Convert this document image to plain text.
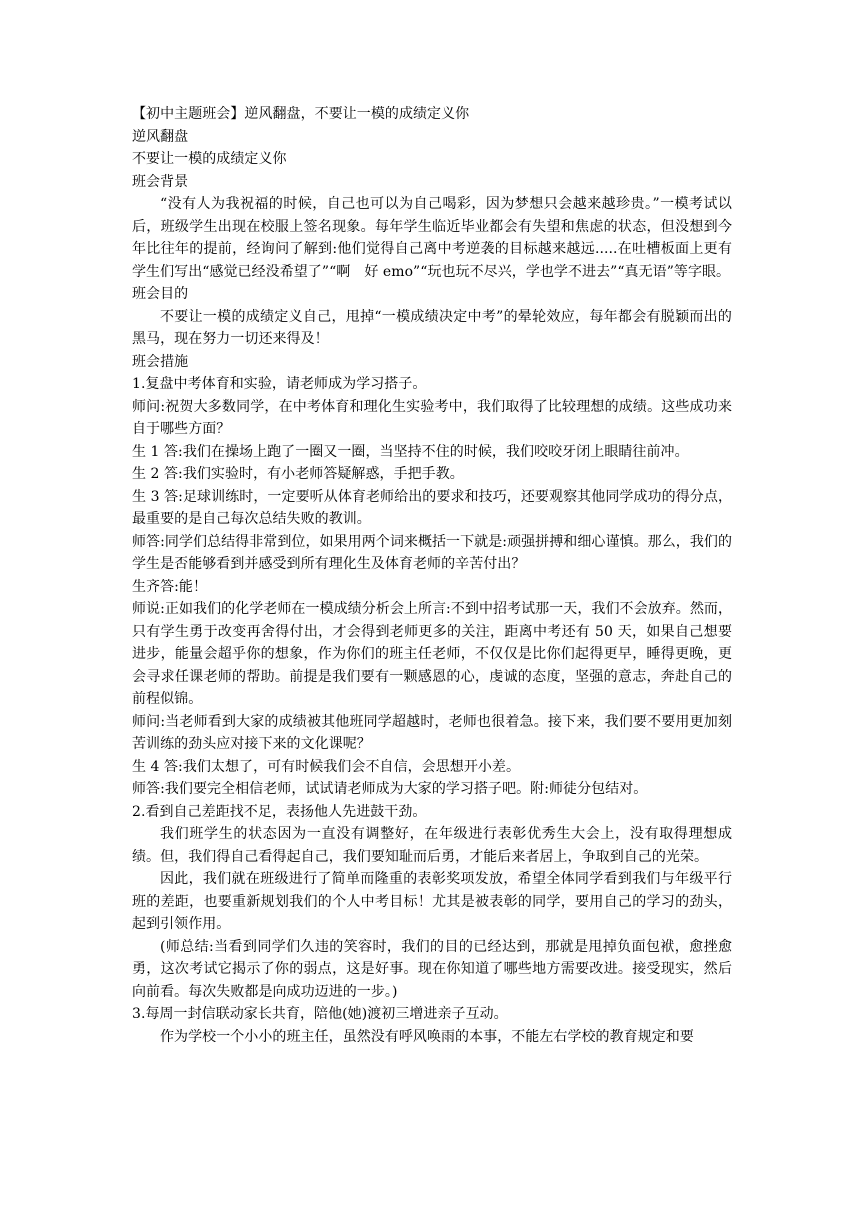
【初中主题班会】逆风翻盘，不要让一模的成绩定义你

逆风翻盘

不要让一模的成绩定义你

班会背景

“没有人为我祝福的时候，自己也可以为自己喝彩，因为梦想只会越来越珍贵。”一模考试以后，班级学生出现在校服上签名现象。每年学生临近毕业都会有失望和焦虑的状态，但没想到今年比往年的提前，经询问了解到:他们觉得自己离中考逆袭的目标越来越远.....在吐槽板面上更有学生们写出“感觉已经没希望了”“啊　好 emo”“玩也玩不尽兴，学也学不进去”“真无语”等字眼。

班会目的

不要让一模的成绩定义自己，甩掉“一模成绩决定中考”的晕轮效应，每年都会有脱颖而出的黑马，现在努力一切还来得及！

班会措施

1.复盘中考体育和实验，请老师成为学习搭子。

师问:祝贺大多数同学，在中考体育和理化生实验考中，我们取得了比较理想的成绩。这些成功来自于哪些方面？

生 1 答:我们在操场上跑了一圈又一圈，当坚持不住的时候，我们咬咬牙闭上眼睛往前冲。

生 2 答:我们实验时，有小老师答疑解惑，手把手教。

生 3 答:足球训练时，一定要听从体育老师给出的要求和技巧，还要观察其他同学成功的得分点，最重要的是自己每次总结失败的教训。

师答:同学们总结得非常到位，如果用两个词来概括一下就是:顽强拼搏和细心谨慎。那么，我们的学生是否能够看到并感受到所有理化生及体育老师的辛苦付出？

生齐答:能！

师说:正如我们的化学老师在一模成绩分析会上所言:不到中招考试那一天，我们不会放弃。然而，只有学生勇于改变再舍得付出，才会得到老师更多的关注，距离中考还有 50 天，如果自己想要进步，能量会超乎你的想象，作为你们的班主任老师，不仅仅是比你们起得更早，睡得更晚，更会寻求任课老师的帮助。前提是我们要有一颗感恩的心，虔诚的态度，坚强的意志，奔赴自己的前程似锦。

师问:当老师看到大家的成绩被其他班同学超越时，老师也很着急。接下来，我们要不要用更加刻苦训练的劲头应对接下来的文化课呢？

生 4 答:我们太想了，可有时候我们会不自信，会思想开小差。

师答:我们要完全相信老师，试试请老师成为大家的学习搭子吧。附:师徒分包结对。

2.看到自己差距找不足，表扬他人先进鼓干劲。

我们班学生的状态因为一直没有调整好，在年级进行表彰优秀生大会上，没有取得理想成绩。但，我们得自己看得起自己，我们要知耻而后勇，才能后来者居上，争取到自己的光荣。

因此，我们就在班级进行了简单而隆重的表彰奖项发放，希望全体同学看到我们与年级平行班的差距，也要重新规划我们的个人中考目标！尤其是被表彰的同学，要用自己的学习的劲头，起到引领作用。

(师总结:当看到同学们久违的笑容时，我们的目的已经达到，那就是甩掉负面包袱，愈挫愈勇，这次考试它揭示了你的弱点，这是好事。现在你知道了哪些地方需要改进。接受现实，然后向前看。每次失败都是向成功迈进的一步。)

3.每周一封信联动家长共育，陪他(她)渡初三增进亲子互动。

作为学校一个小小的班主任，虽然没有呼风唤雨的本事，不能左右学校的教育规定和要
